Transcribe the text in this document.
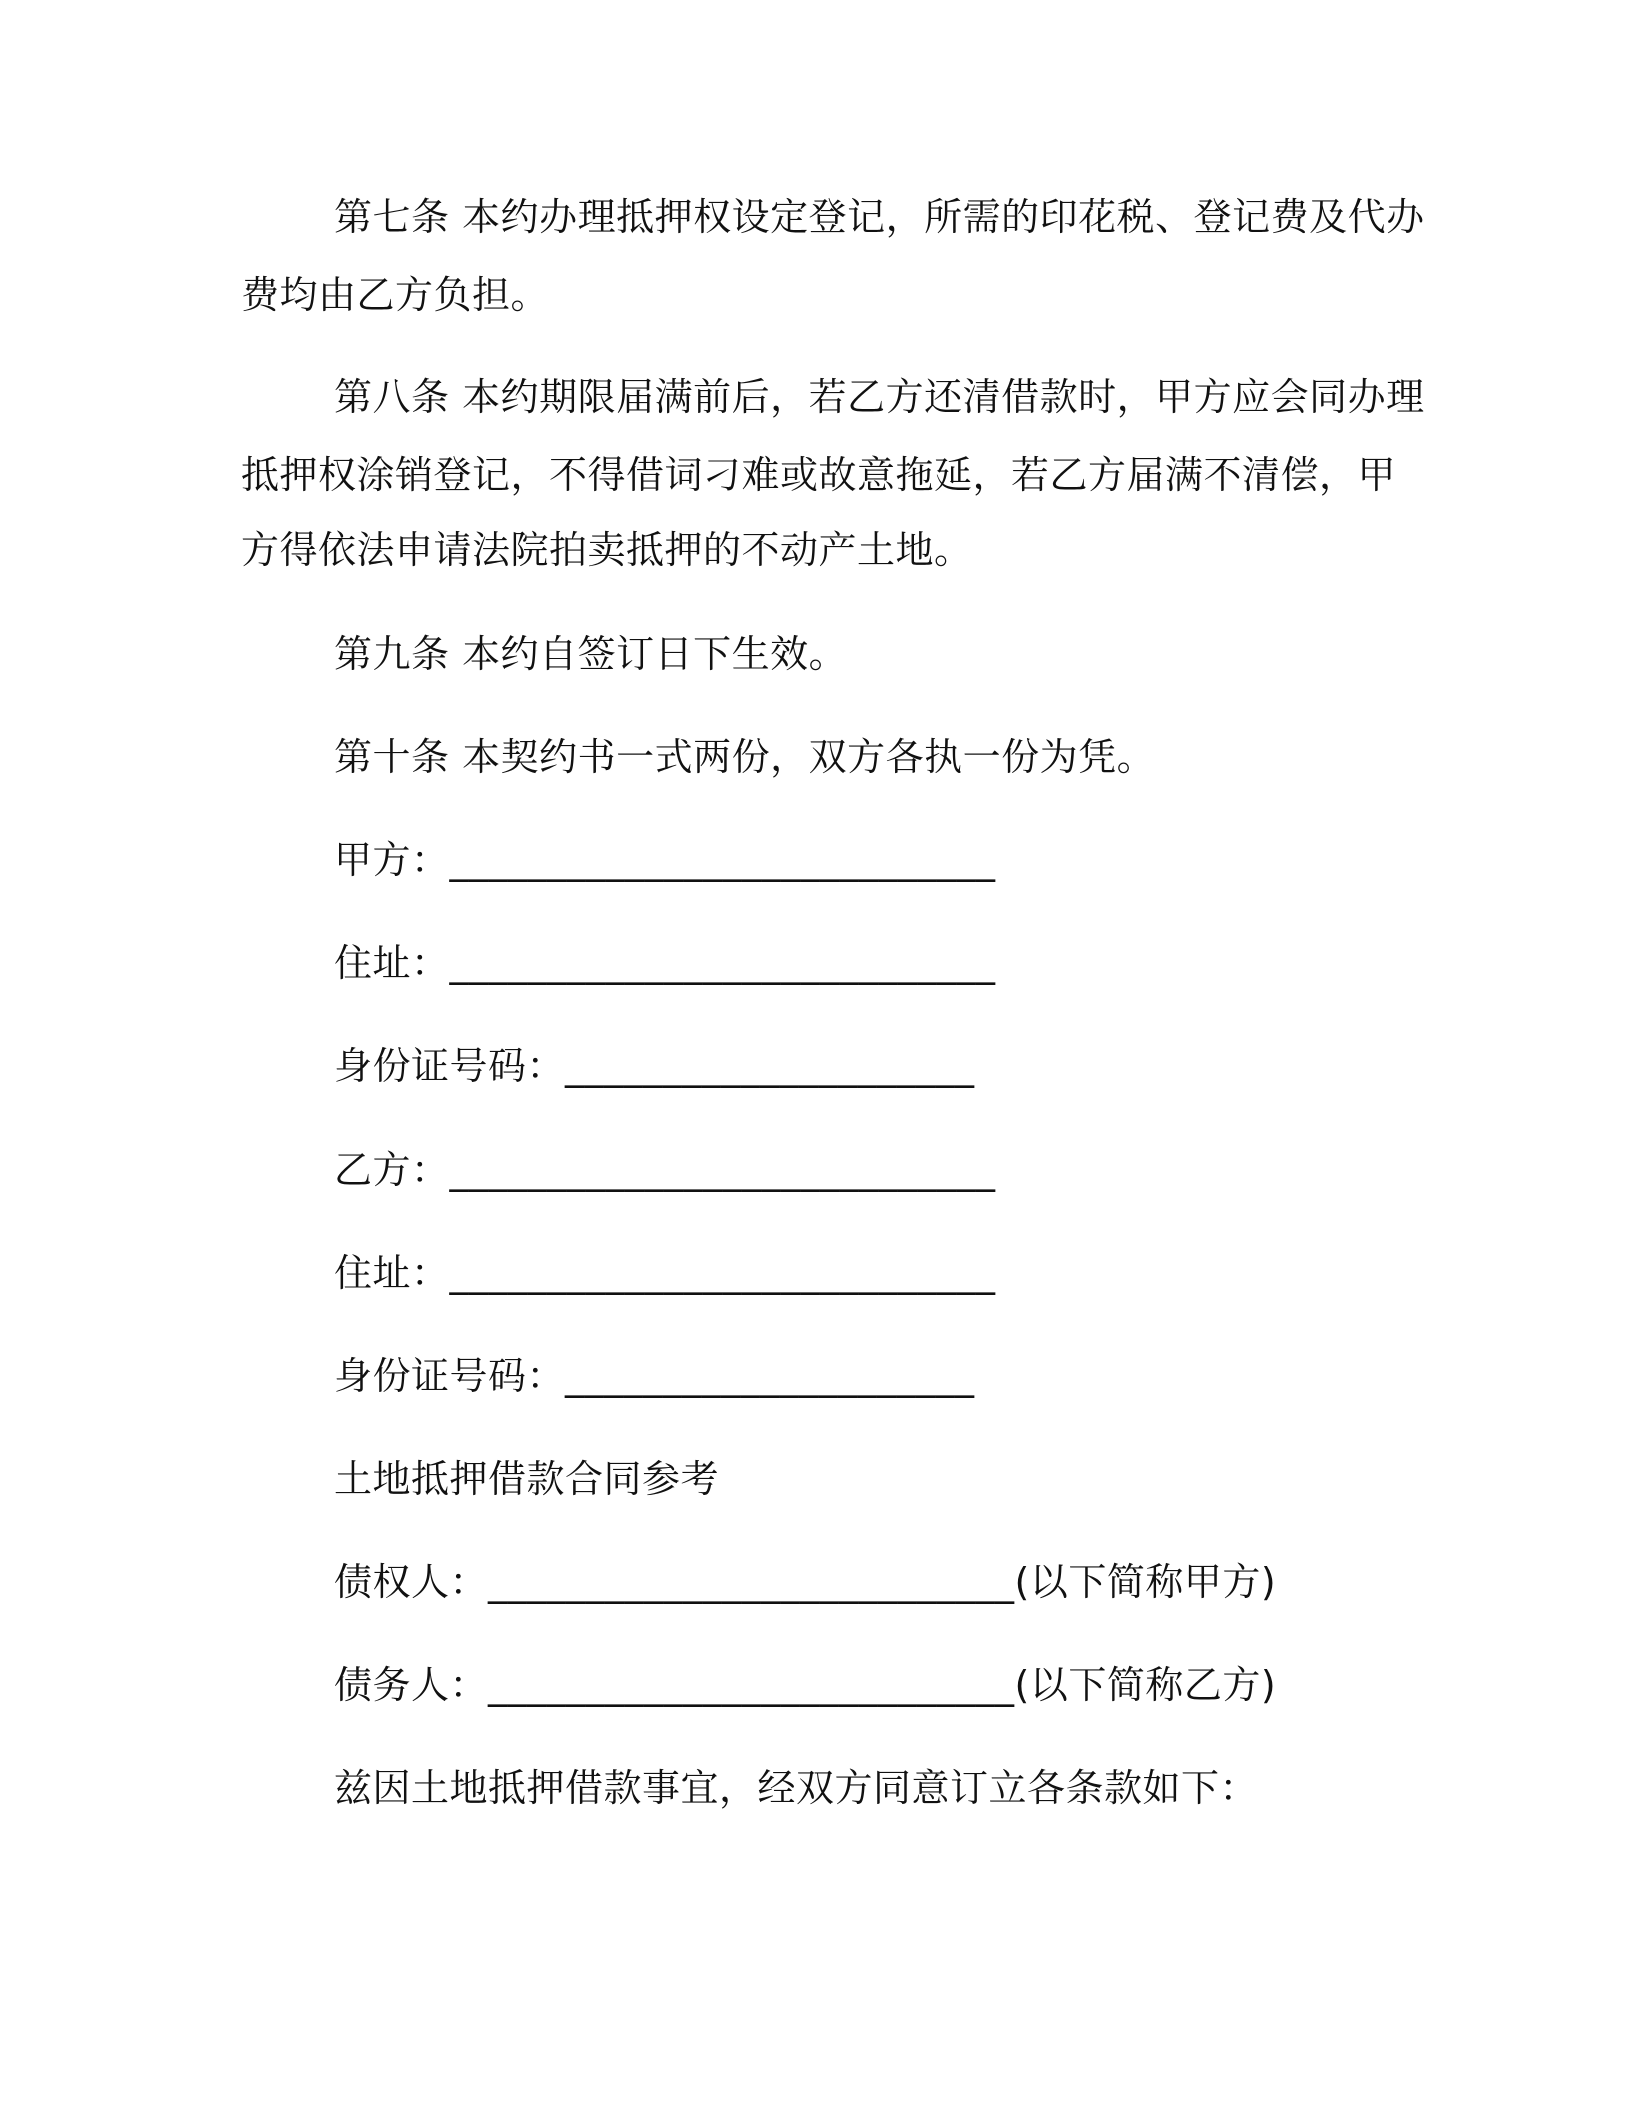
第七条 本约办理抵押权设定登记，所需的印花税、登记费及代办
费均由乙方负担。
第八条 本约期限届满前后，若乙方还清借款时，甲方应会同办理
抵押权涂销登记，不得借词刁难或故意拖延，若乙方届满不清偿，甲
方得依法申请法院拍卖抵押的不动产土地。
第九条 本约自签订日下生效。
第十条 本契约书一式两份，双方各执一份为凭。
甲方：____________________________
住址：____________________________
身份证号码：_____________________
乙方：____________________________
住址：____________________________
身份证号码：_____________________
土地抵押借款合同参考
债权人：___________________________(以下简称甲方)
债务人：___________________________(以下简称乙方)
兹因土地抵押借款事宜，经双方同意订立各条款如下：
